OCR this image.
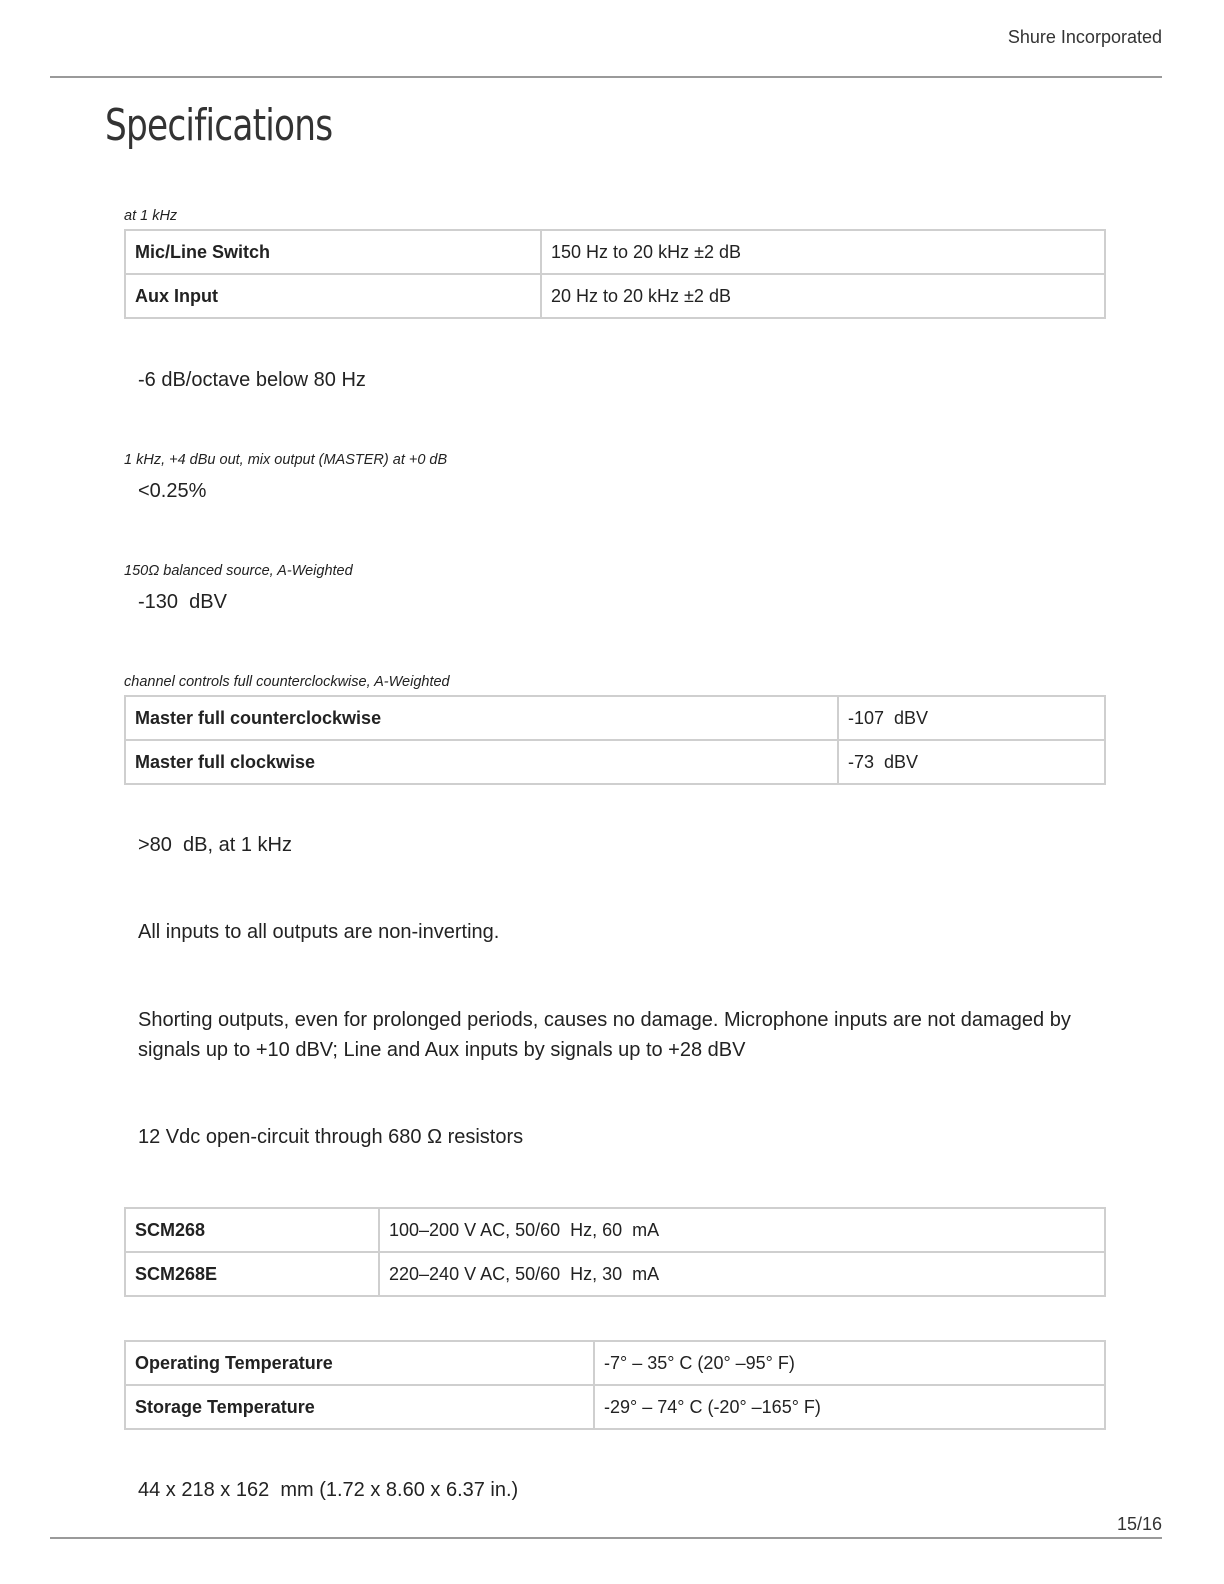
Shure Incorporated
Specifications
at 1 kHz
Mic/Line Switch	150 Hz to 20 kHz ±2 dB
Aux Input	20 Hz to 20 kHz ±2 dB
-6 dB/octave below 80 Hz
1 kHz, +4 dBu out, mix output (MASTER) at +0 dB
<0.25%
150Ω balanced source, A-Weighted
-130  dBV
channel controls full counterclockwise, A-Weighted
Master full counterclockwise	-107  dBV
Master full clockwise	-73  dBV
>80  dB, at 1 kHz
All inputs to all outputs are non-inverting.
Shorting outputs, even for prolonged periods, causes no damage. Microphone inputs are not damaged by signals up to +10 dBV; Line and Aux inputs by signals up to +28 dBV
12 Vdc open-circuit through 680 Ω resistors
SCM268	100–200 V AC, 50/60  Hz, 60  mA
SCM268E	220–240 V AC, 50/60  Hz, 30  mA
Operating Temperature	-7° – 35° C (20° –95° F)
Storage Temperature	-29° – 74° C (-20° –165° F)
44 x 218 x 162  mm (1.72 x 8.60 x 6.37 in.)
15/16
